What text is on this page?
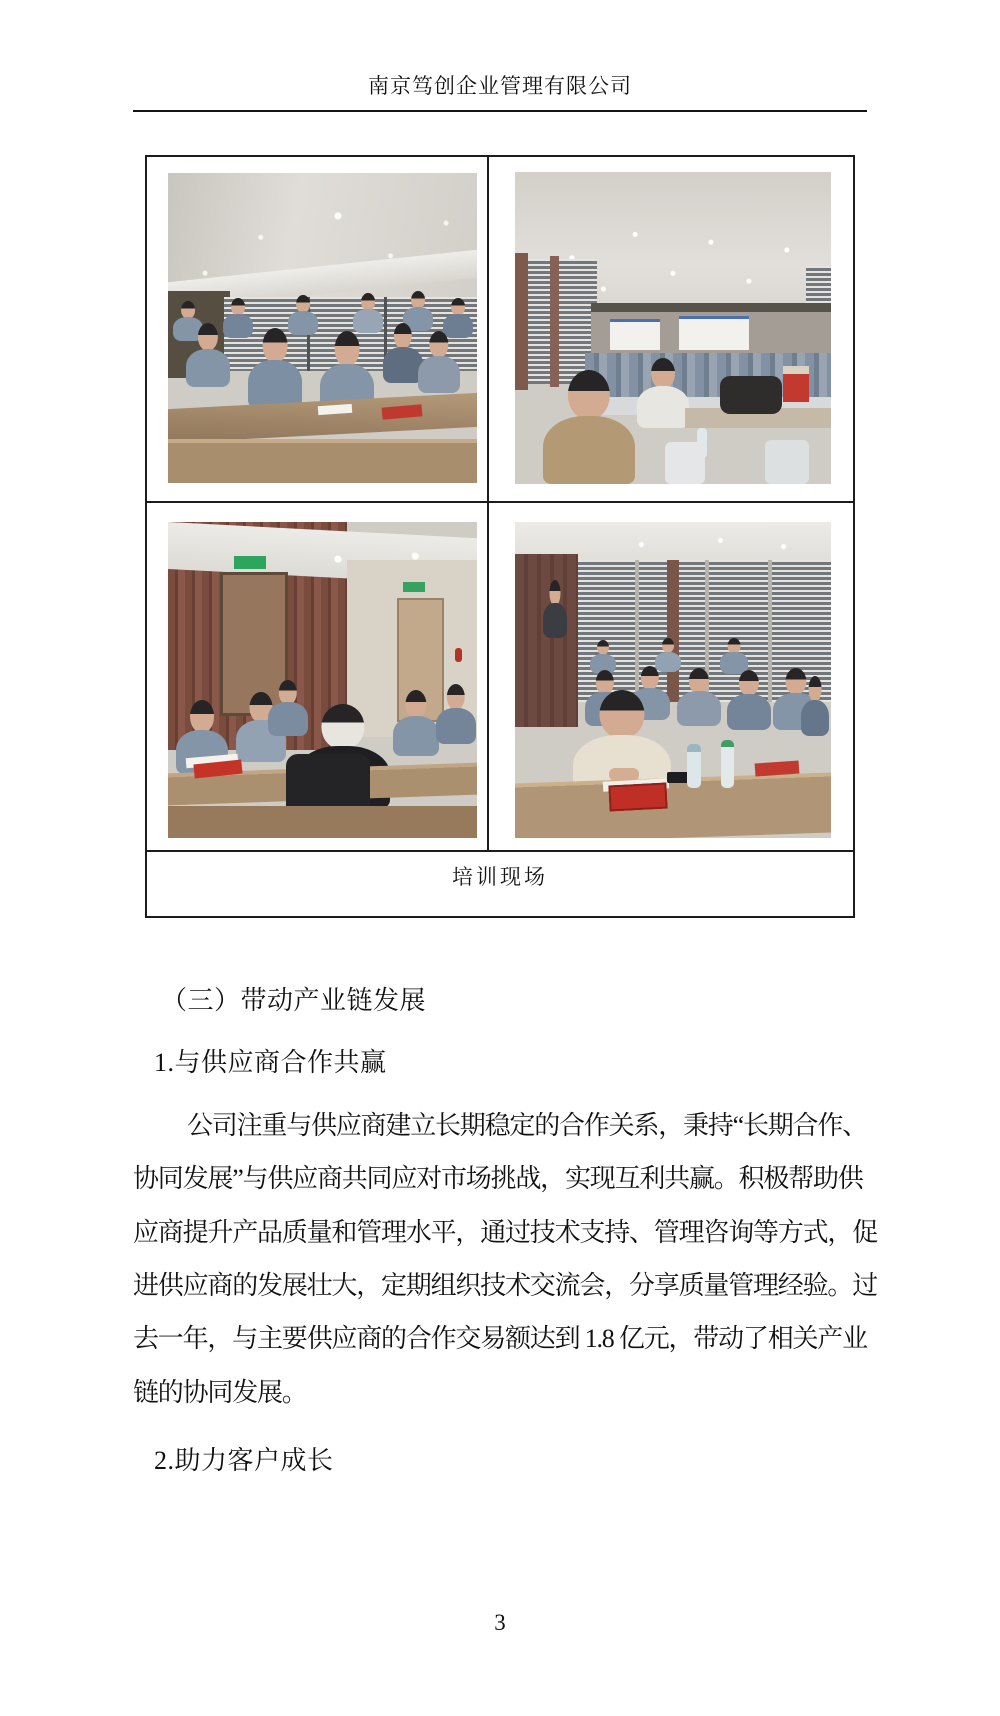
南京笃创企业管理有限公司
培训现场
（三）带动产业链发展
1.与供应商合作共赢
公司注重与供应商建立长期稳定的合作关系，秉持“长期合作、
协同发展”与供应商共同应对市场挑战，实现互利共赢。积极帮助供
应商提升产品质量和管理水平，通过技术支持、管理咨询等方式，促
进供应商的发展壮大，定期组织技术交流会，分享质量管理经验。过
去一年，与主要供应商的合作交易额达到 1.8 亿元，带动了相关产业
链的协同发展。
2.助力客户成长
3
